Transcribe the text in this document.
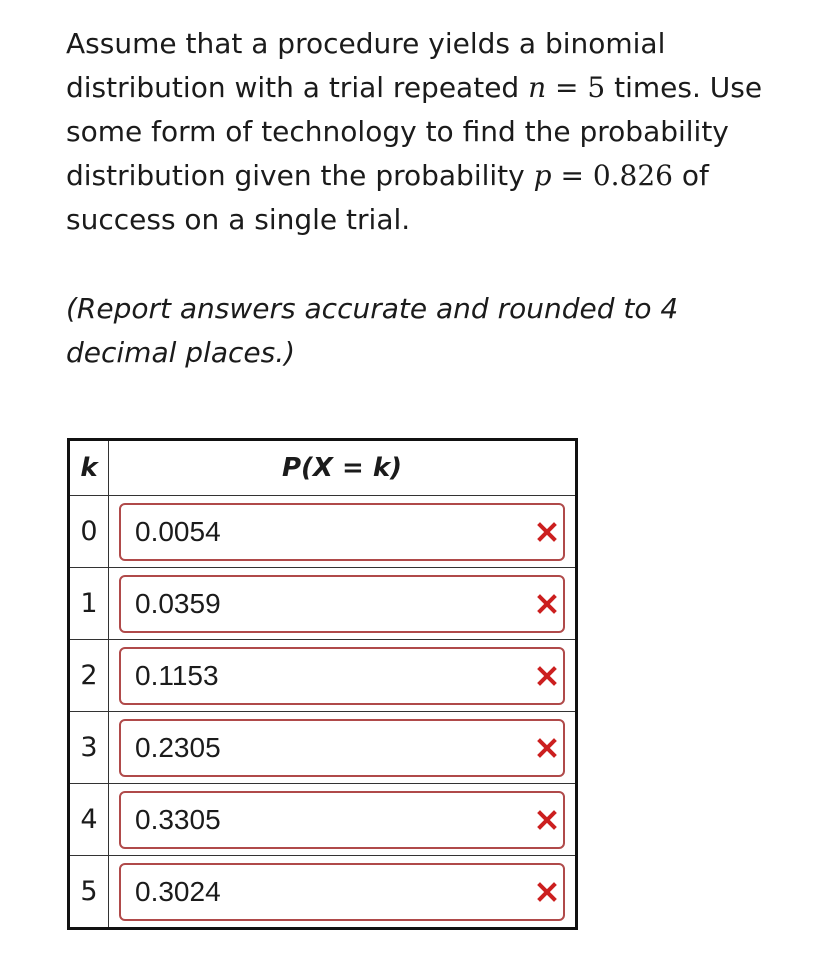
Assume that a procedure yields a binomial distribution with a trial repeated n = 5 times. Use some form of technology to find the probability distribution given the probability p = 0.826 of success on a single trial.
(Report answers accurate and rounded to 4 decimal places.)
k	P(X = k)
0	0.0054

1	0.0359

2	0.1153

3	0.2305

4	0.3305

5	0.3024
